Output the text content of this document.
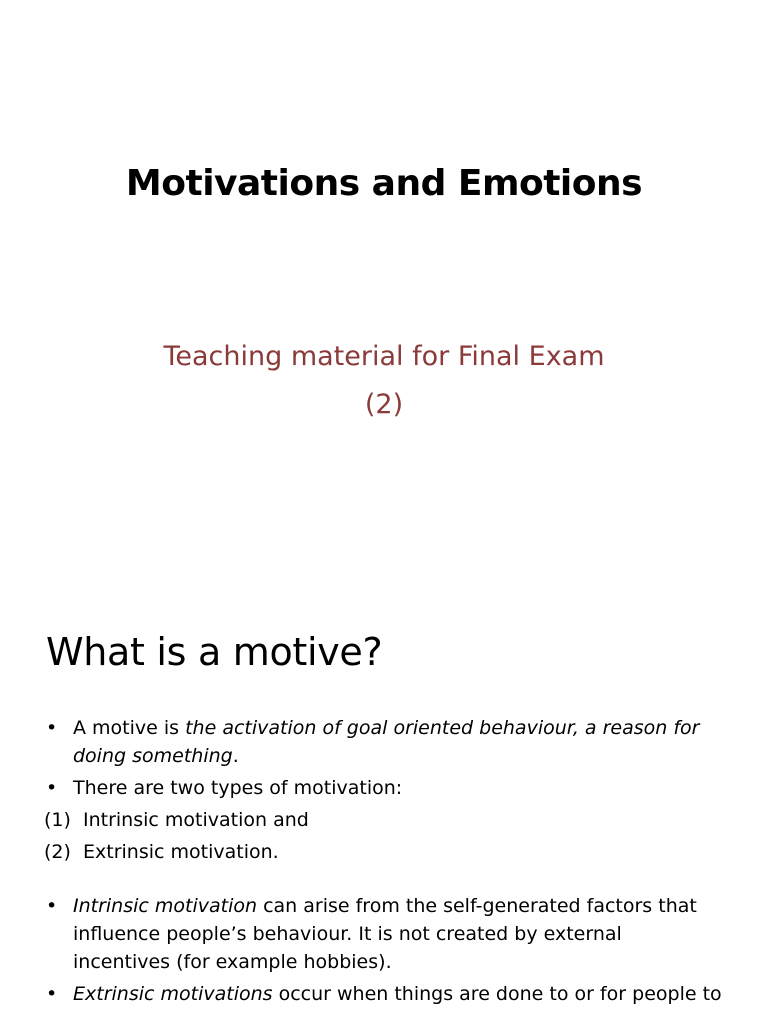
Motivations and Emotions
Teaching material for Final Exam
(2)
What is a motive?
• A motive is the activation of goal oriented behaviour, a reason for doing something.
• There are two types of motivation:
(1) Intrinsic motivation and
(2) Extrinsic motivation.
• Intrinsic motivation can arise from the self-generated factors that influence people’s behaviour. It is not created by external incentives (for example hobbies).
• Extrinsic motivations occur when things are done to or for people to
